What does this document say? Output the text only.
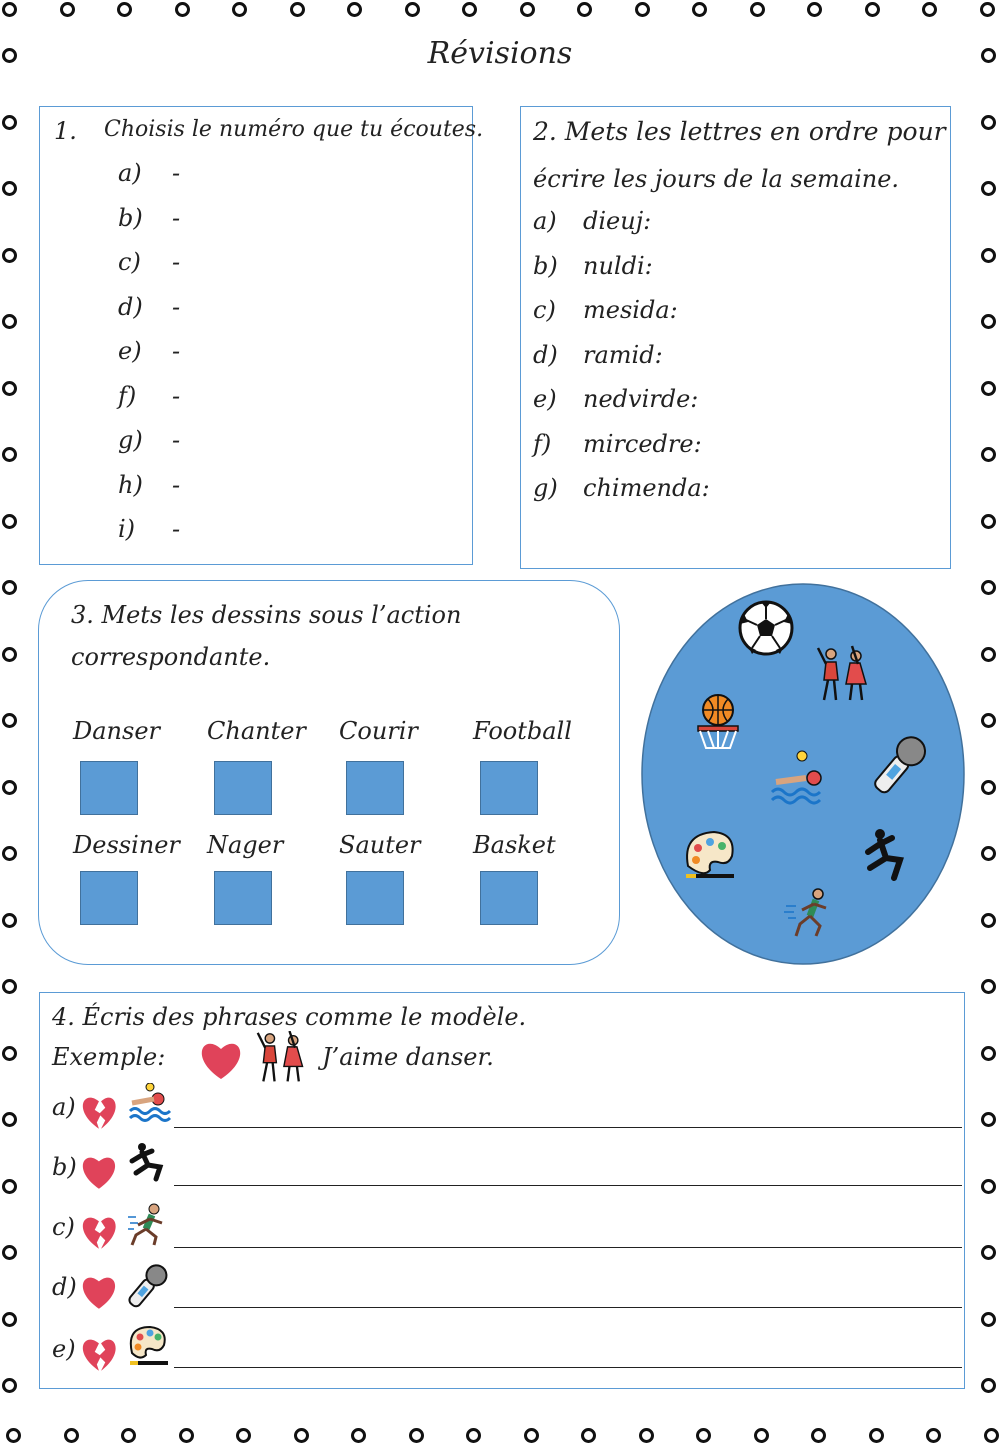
Révisions
1. Choisis le numéro que tu écoutes.
a) -
b) -
c) -
d) -
e) -
f) -
g) -
h) -
i) -
2. Mets les lettres en ordre pour
écrire les jours de la semaine.
a) dieuj:
b) nuldi:
c) mesida:
d) ramid:
e) nedvirde:
f) mircedre:
g) chimenda:
3. Mets les dessins sous l’action
correspondante.
Danser Chanter Courir Football
Dessiner Nager Sauter Basket
4. Écris des phrases comme le modèle.
Exemple:	J’aime danser.
a)
b)
c)
d)
e)
